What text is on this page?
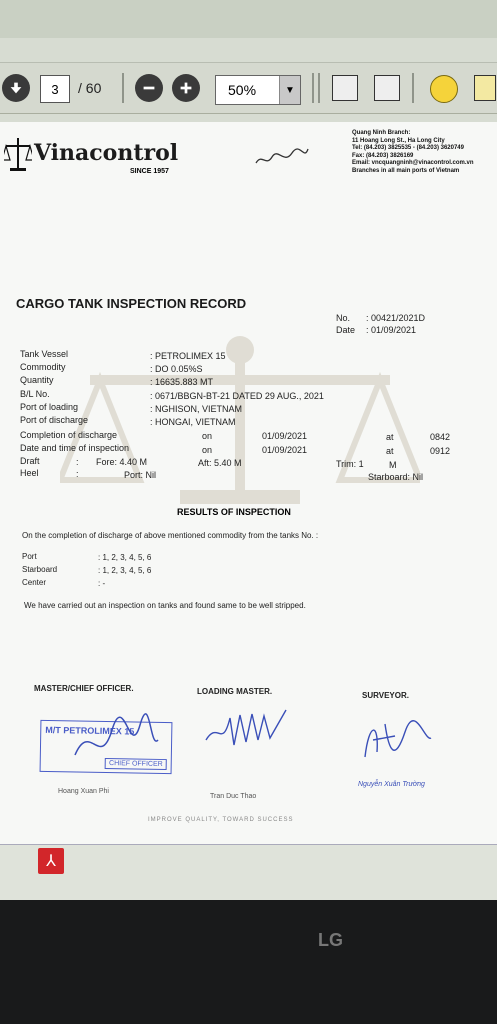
3 / 60	50%	▼
Vinacontrol
SINCE 1957
Quang Ninh Branch:
11 Hoang Long St., Ha Long City
Tel: (84.203) 3825535 - (84.203) 3620749
Fax: (84.203) 3826169
Email: vncquangninh@vinacontrol.com.vn
Branches in all main ports of Vietnam
CARGO TANK INSPECTION RECORD
No. : 00421/2021D
Date : 01/09/2021
Tank Vessel	: PETROLIMEX 15
Commodity	: DO 0.05%S
Quantity	: 16635.883 MT
B/L No.	: 0671/BBGN-BT-21 DATED 29 AUG., 2021
Port of loading	: NGHISON, VIETNAM
Port of discharge	: HONGAI, VIETNAM
Completion of discharge	on	01/09/2021	at	0842
Date and time of inspection	on	01/09/2021	at	0912
Draft	: Fore: 4.40 M	Aft: 5.40 M	Trim: 1	M
Heel	:	Port: Nil	Starboard: Nil
RESULTS OF INSPECTION
On the completion of discharge of above mentioned commodity from the tanks No. :
Port	: 1, 2, 3, 4, 5, 6
Starboard	: 1, 2, 3, 4, 5, 6
Center	: -
We have carried out an inspection on tanks and found same to be well stripped.
MASTER/CHIEF OFFICER.	LOADING MASTER.	SURVEYOR.
M/T PETROLIMEX 15
CHIEF OFFICER
Hoang Xuan Phi
Tran Duc Thao
Nguyễn Xuân Trường
IMPROVE QUALITY, TOWARD SUCCESS
⅄
LG
